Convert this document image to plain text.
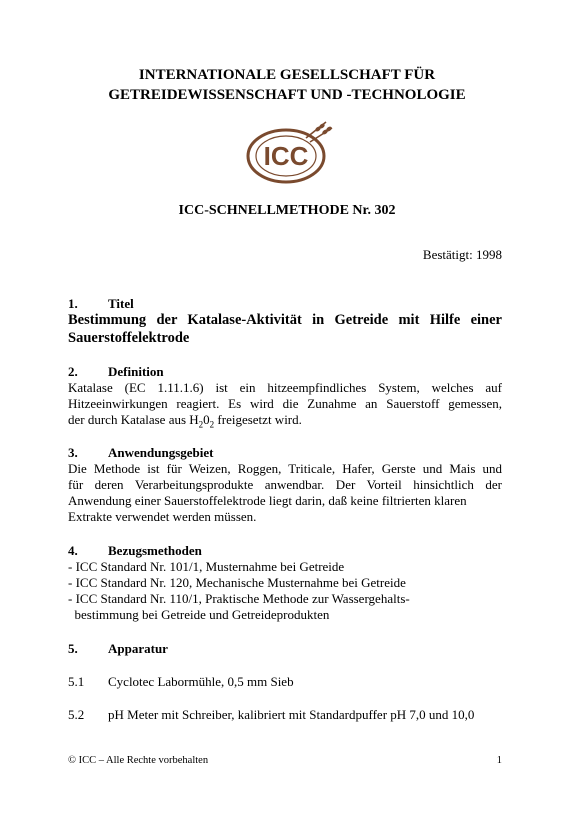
INTERNATIONALE GESELLSCHAFT FÜR
GETREIDEWISSENSCHAFT UND -TECHNOLOGIE
ICC
ICC-SCHNELLMETHODE Nr. 302
Bestätigt: 1998
1. Titel
Bestimmung der Katalase-Aktivität in Getreide mit Hilfe einer
Sauerstoffelektrode
2. Definition
Katalase (EC 1.11.1.6) ist ein hitzeempfindliches System, welches auf
Hitzeeinwirkungen reagiert. Es wird die Zunahme an Sauerstoff gemessen,
der durch Katalase aus $H_20_2$ freigesetzt wird.
3. Anwendungsgebiet
Die Methode ist für Weizen, Roggen, Triticale, Hafer, Gerste und Mais und
für deren Verarbeitungsprodukte anwendbar. Der Vorteil hinsichtlich der
Anwendung einer Sauerstoffelektrode liegt darin, daß keine filtrierten klaren
Extrakte verwendet werden müssen.
4. Bezugsmethoden
- ICC Standard Nr. 101/1, Musternahme bei Getreide
- ICC Standard Nr. 120, Mechanische Musternahme bei Getreide
- ICC Standard Nr. 110/1, Praktische Methode zur Wassergehalts-
bestimmung bei Getreide und Getreideprodukten
5. Apparatur
5.1 Cyclotec Labormühle, 0,5 mm Sieb
5.2 pH Meter mit Schreiber, kalibriert mit Standardpuffer pH 7,0 und 10,0
© ICC – Alle Rechte vorbehalten	1
